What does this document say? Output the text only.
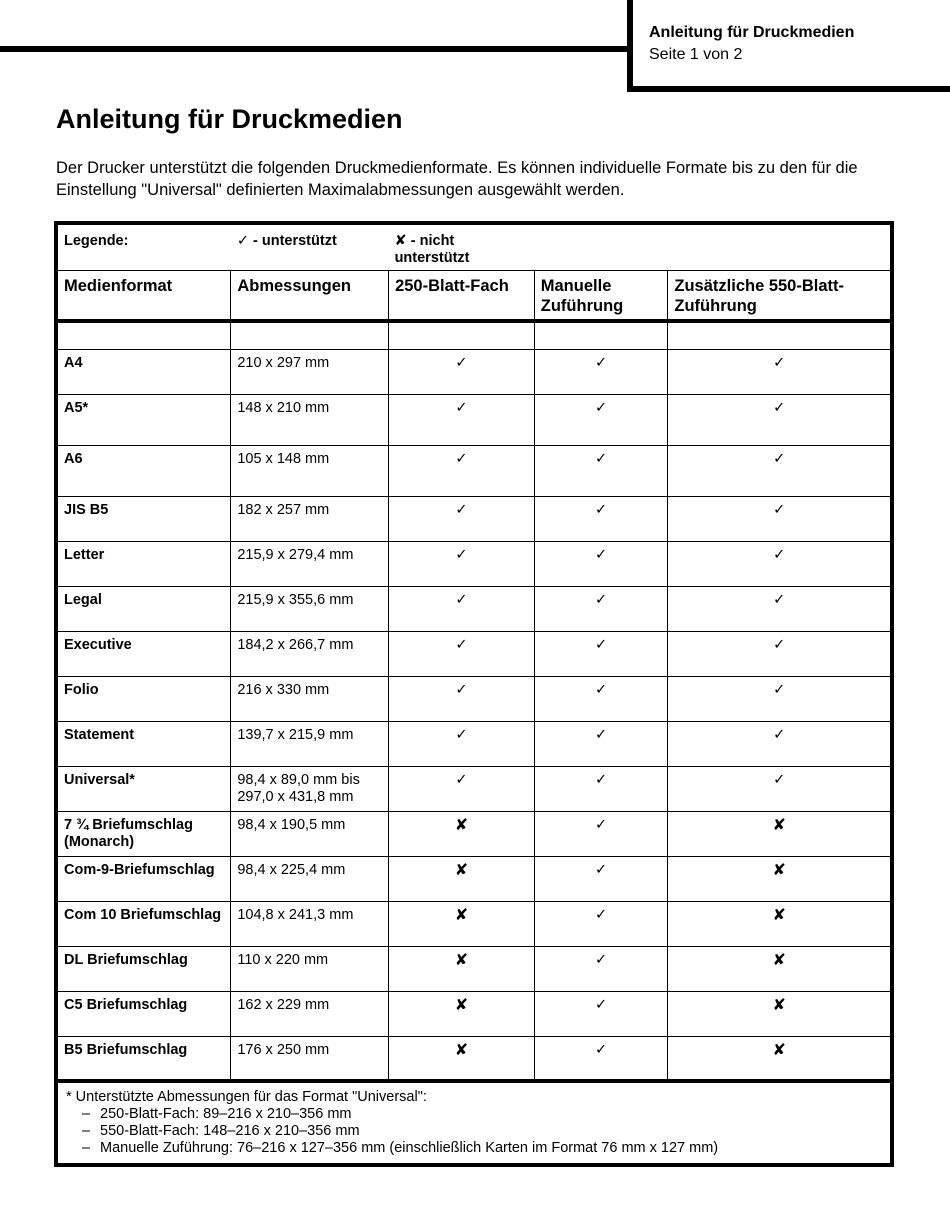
Anleitung für Druckmedien
Seite 1 von 2
Anleitung für Druckmedien

Der Drucker unterstützt die folgenden Druckmedienformate. Es können individuelle Formate bis zu den für die Einstellung "Universal" definierten Maximalabmessungen ausgewählt werden.

Legende:	✓ - unterstützt	✘ - nicht unterstützt		
Medienformat	Abmessungen	250-Blatt-Fach	Manuelle Zuführung	Zusätzliche 550-Blatt-Zuführung

A4	210 x 297 mm	✓	✓	✓
A5*	148 x 210 mm	✓	✓	✓
A6	105 x 148 mm	✓	✓	✓
JIS B5	182 x 257 mm	✓	✓	✓
Letter	215,9 x 279,4 mm	✓	✓	✓
Legal	215,9 x 355,6 mm	✓	✓	✓
Executive	184,2 x 266,7 mm	✓	✓	✓
Folio	216 x 330 mm	✓	✓	✓
Statement	139,7 x 215,9 mm	✓	✓	✓
Universal*	98,4 x 89,0 mm bis 297,0 x 431,8 mm	✓	✓	✓
7 ¾ Briefumschlag (Monarch)	98,4 x 190,5 mm	✘	✓	✘
Com-9-Briefumschlag	98,4 x 225,4 mm	✘	✓	✘
Com 10 Briefumschlag	104,8 x 241,3 mm	✘	✓	✘
DL Briefumschlag	110 x 220 mm	✘	✓	✘
C5 Briefumschlag	162 x 229 mm	✘	✓	✘
B5 Briefumschlag	176 x 250 mm	✘	✓	✘

* Unterstützte Abmessungen für das Format "Universal":

– 250-Blatt-Fach: 89–216 x 210–356 mm

– 550-Blatt-Fach: 148–216 x 210–356 mm

– Manuelle Zuführung: 76–216 x 127–356 mm (einschließlich Karten im Format 76 mm x 127 mm)				
